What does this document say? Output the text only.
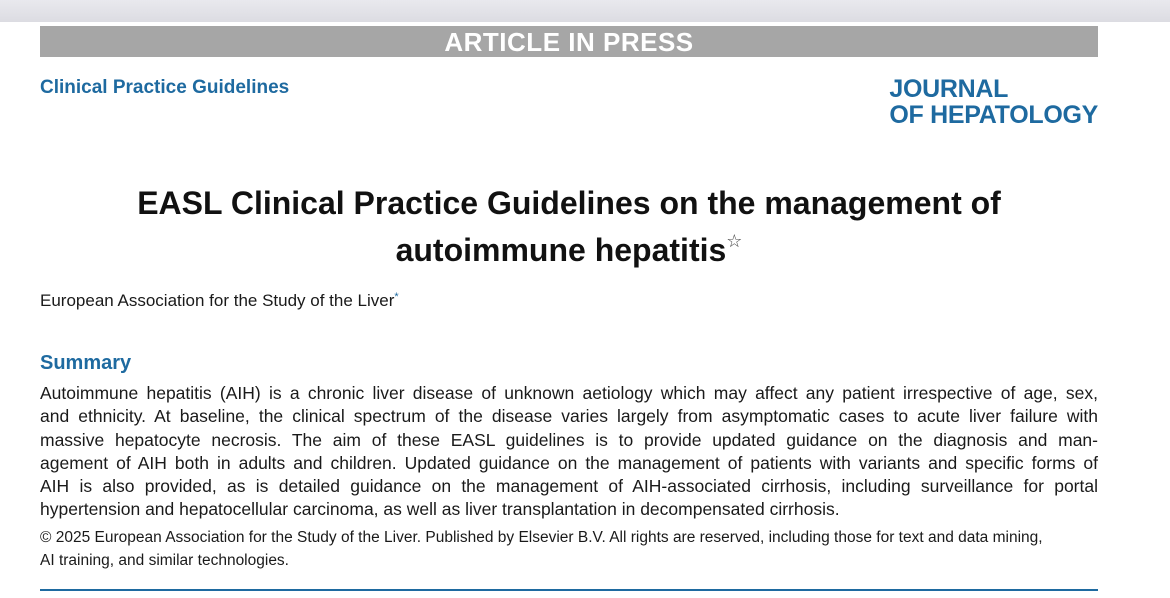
ARTICLE IN PRESS
Clinical Practice Guidelines	JOURNAL
OF HEPATOLOGY
EASL Clinical Practice Guidelines on the management of
autoimmune hepatitis☆
European Association for the Study of the Liver*
Summary
Autoimmune hepatitis (AIH) is a chronic liver disease of unknown aetiology which may affect any patient irrespective of age, sex,
and ethnicity. At baseline, the clinical spectrum of the disease varies largely from asymptomatic cases to acute liver failure with
massive hepatocyte necrosis. The aim of these EASL guidelines is to provide updated guidance on the diagnosis and man-
agement of AIH both in adults and children. Updated guidance on the management of patients with variants and specific forms of
AIH is also provided, as is detailed guidance on the management of AIH-associated cirrhosis, including surveillance for portal
hypertension and hepatocellular carcinoma, as well as liver transplantation in decompensated cirrhosis.
© 2025 European Association for the Study of the Liver. Published by Elsevier B.V. All rights are reserved, including those for text and data mining,
AI training, and similar technologies.
